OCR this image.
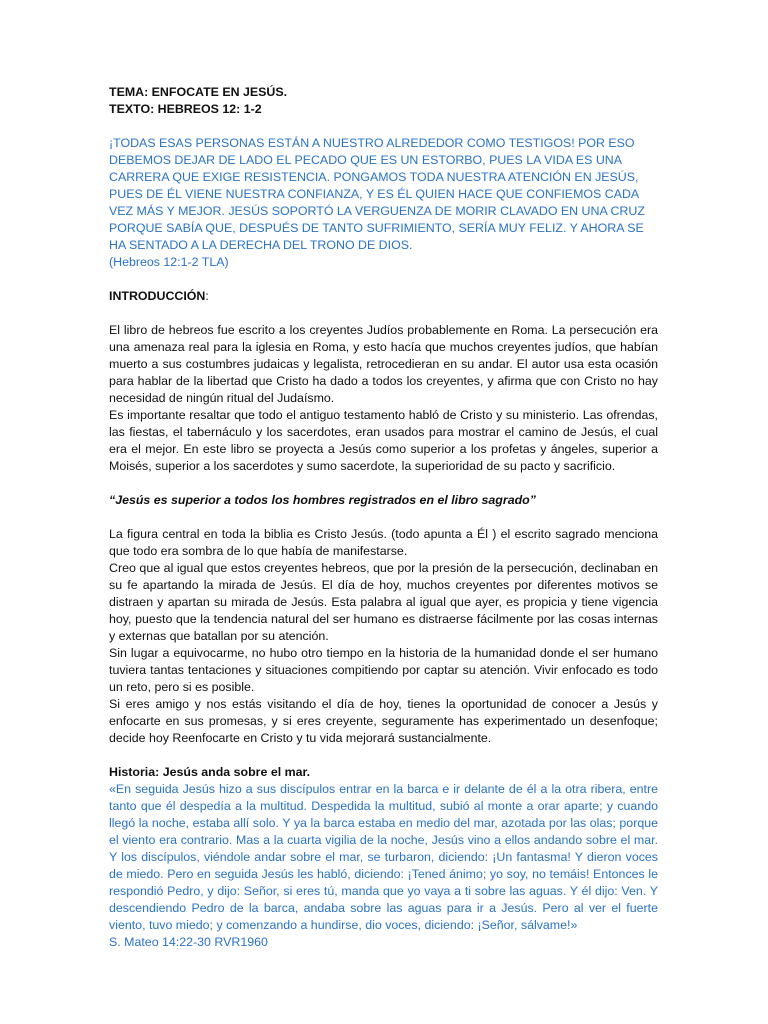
TEMA: ENFOCATE EN JESÚS.

TEXTO: HEBREOS 12: 1-2

¡TODAS ESAS PERSONAS ESTÁN A NUESTRO ALREDEDOR COMO TESTIGOS! POR ESO DEBEMOS DEJAR DE LADO EL PECADO QUE ES UN ESTORBO, PUES LA VIDA ES UNA CARRERA QUE EXIGE RESISTENCIA. PONGAMOS TODA NUESTRA ATENCIÓN EN JESÚS, PUES DE ÉL VIENE NUESTRA CONFIANZA, Y ES ÉL QUIEN HACE QUE CONFIEMOS CADA VEZ MÁS Y MEJOR. JESÚS SOPORTÓ LA VERGUENZA DE MORIR CLAVADO EN UNA CRUZ PORQUE SABÍA QUE, DESPUÉS DE TANTO SUFRIMIENTO, SERÍA MUY FELIZ. Y AHORA SE HA SENTADO A LA DERECHA DEL TRONO DE DIOS.

(Hebreos 12:1-2 TLA)

INTRODUCCIÓN:

El libro de hebreos fue escrito a los creyentes Judíos probablemente en Roma. La persecución era una amenaza real para la iglesia en Roma, y esto hacía que muchos creyentes judíos, que habían muerto a sus costumbres judaicas y legalista, retrocedieran en su andar. El autor usa esta ocasión para hablar de la libertad que Cristo ha dado a todos los creyentes, y afirma que con Cristo no hay necesidad de ningún ritual del Judaísmo.

Es importante resaltar que todo el antiguo testamento habló de Cristo y su ministerio. Las ofrendas, las fiestas, el tabernáculo y los sacerdotes, eran usados para mostrar el camino de Jesús, el cual era el mejor. En este libro se proyecta a Jesús como superior a los profetas y ángeles, superior a Moisés, superior a los sacerdotes y sumo sacerdote, la superioridad de su pacto y sacrificio.

“Jesús es superior a todos los hombres registrados en el libro sagrado”

La figura central en toda la biblia es Cristo Jesús. (todo apunta a Él ) el escrito sagrado menciona que todo era sombra de lo que había de manifestarse.

Creo que al igual que estos creyentes hebreos, que por la presión de la persecución, declinaban en su fe apartando la mirada de Jesús. El día de hoy, muchos creyentes por diferentes motivos se distraen y apartan su mirada de Jesús. Esta palabra al igual que ayer, es propicia y tiene vigencia hoy, puesto que la tendencia natural del ser humano es distraerse fácilmente por las cosas internas y externas que batallan por su atención.

Sin lugar a equivocarme, no hubo otro tiempo en la historia de la humanidad donde el ser humano tuviera tantas tentaciones y situaciones compitiendo por captar su atención. Vivir enfocado es todo un reto, pero si es posible.

Si eres amigo y nos estás visitando el día de hoy, tienes la oportunidad de conocer a Jesús y enfocarte en sus promesas, y si eres creyente, seguramente has experimentado un desenfoque; decide hoy Reenfocarte en Cristo y tu vida mejorará sustancialmente.

Historia: Jesús anda sobre el mar.

«En seguida Jesús hizo a sus discípulos entrar en la barca e ir delante de él a la otra ribera, entre tanto que él despedía a la multitud. Despedida la multitud, subió al monte a orar aparte; y cuando llegó la noche, estaba allí solo. Y ya la barca estaba en medio del mar, azotada por las olas; porque el viento era contrario. Mas a la cuarta vigilia de la noche, Jesús vino a ellos andando sobre el mar. Y los discípulos, viéndole andar sobre el mar, se turbaron, diciendo: ¡Un fantasma! Y dieron voces de miedo. Pero en seguida Jesús les habló, diciendo: ¡Tened ánimo; yo soy, no temáis! Entonces le respondió Pedro, y dijo: Señor, si eres tú, manda que yo vaya a ti sobre las aguas. Y él dijo: Ven. Y descendiendo Pedro de la barca, andaba sobre las aguas para ir a Jesús. Pero al ver el fuerte viento, tuvo miedo; y comenzando a hundirse, dio voces, diciendo: ¡Señor, sálvame!»

S. Mateo 14:22-30 RVR1960
